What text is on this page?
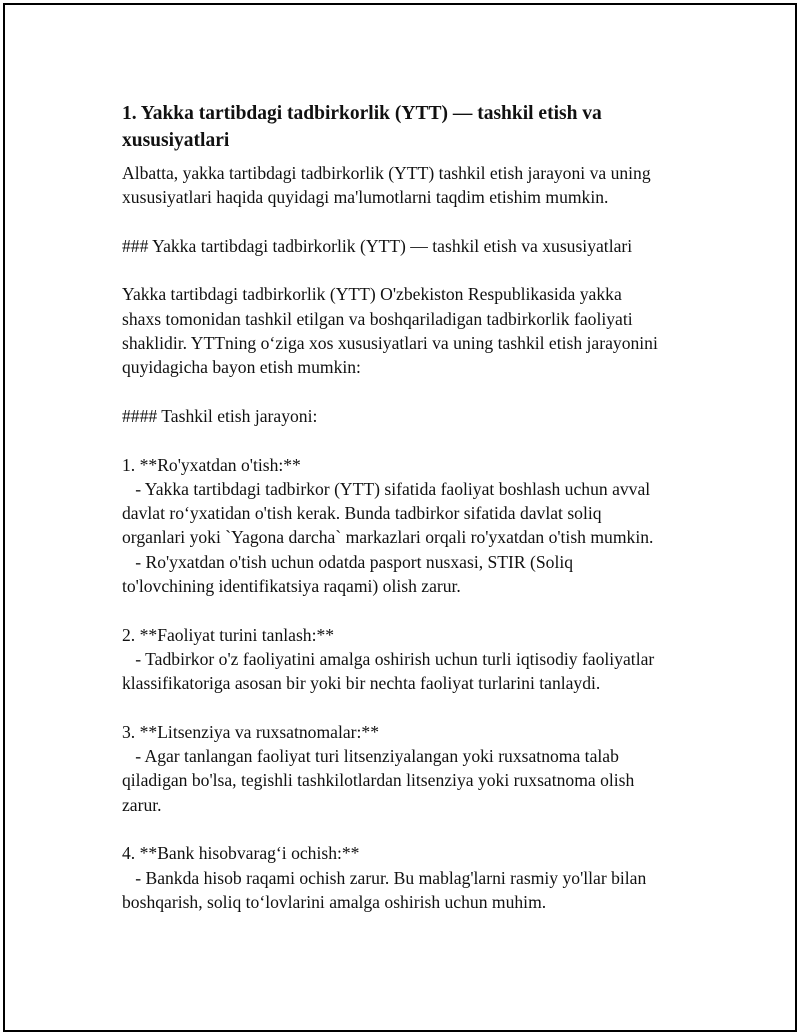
1. Yakka tartibdagi tadbirkorlik (YTT) — tashkil etish va xususiyatlari
Albatta, yakka tartibdagi tadbirkorlik (YTT) tashkil etish jarayoni va uning
xususiyatlari haqida quyidagi ma'lumotlarni taqdim etishim mumkin.

### Yakka tartibdagi tadbirkorlik (YTT) — tashkil etish va xususiyatlari

Yakka tartibdagi tadbirkorlik (YTT) O'zbekiston Respublikasida yakka
shaxs tomonidan tashkil etilgan va boshqariladigan tadbirkorlik faoliyati
shaklidir. YTTning o‘ziga xos xususiyatlari va uning tashkil etish jarayonini
quyidagicha bayon etish mumkin:

#### Tashkil etish jarayoni:

1. **Ro'yxatdan o'tish:**
- Yakka tartibdagi tadbirkor (YTT) sifatida faoliyat boshlash uchun avval
davlat ro‘yxatidan o'tish kerak. Bunda tadbirkor sifatida davlat soliq
organlari yoki `Yagona darcha` markazlari orqali ro'yxatdan o'tish mumkin.
- Ro'yxatdan o'tish uchun odatda pasport nusxasi, STIR (Soliq
to'lovchining identifikatsiya raqami) olish zarur.

2. **Faoliyat turini tanlash:**
- Tadbirkor o'z faoliyatini amalga oshirish uchun turli iqtisodiy faoliyatlar
klassifikatoriga asosan bir yoki bir nechta faoliyat turlarini tanlaydi.

3. **Litsenziya va ruxsatnomalar:**
- Agar tanlangan faoliyat turi litsenziyalangan yoki ruxsatnoma talab
qiladigan bo'lsa, tegishli tashkilotlardan litsenziya yoki ruxsatnoma olish
zarur.

4. **Bank hisobvarag‘i ochish:**
- Bankda hisob raqami ochish zarur. Bu mablag'larni rasmiy yo'llar bilan
boshqarish, soliq to‘lovlarini amalga oshirish uchun muhim.
